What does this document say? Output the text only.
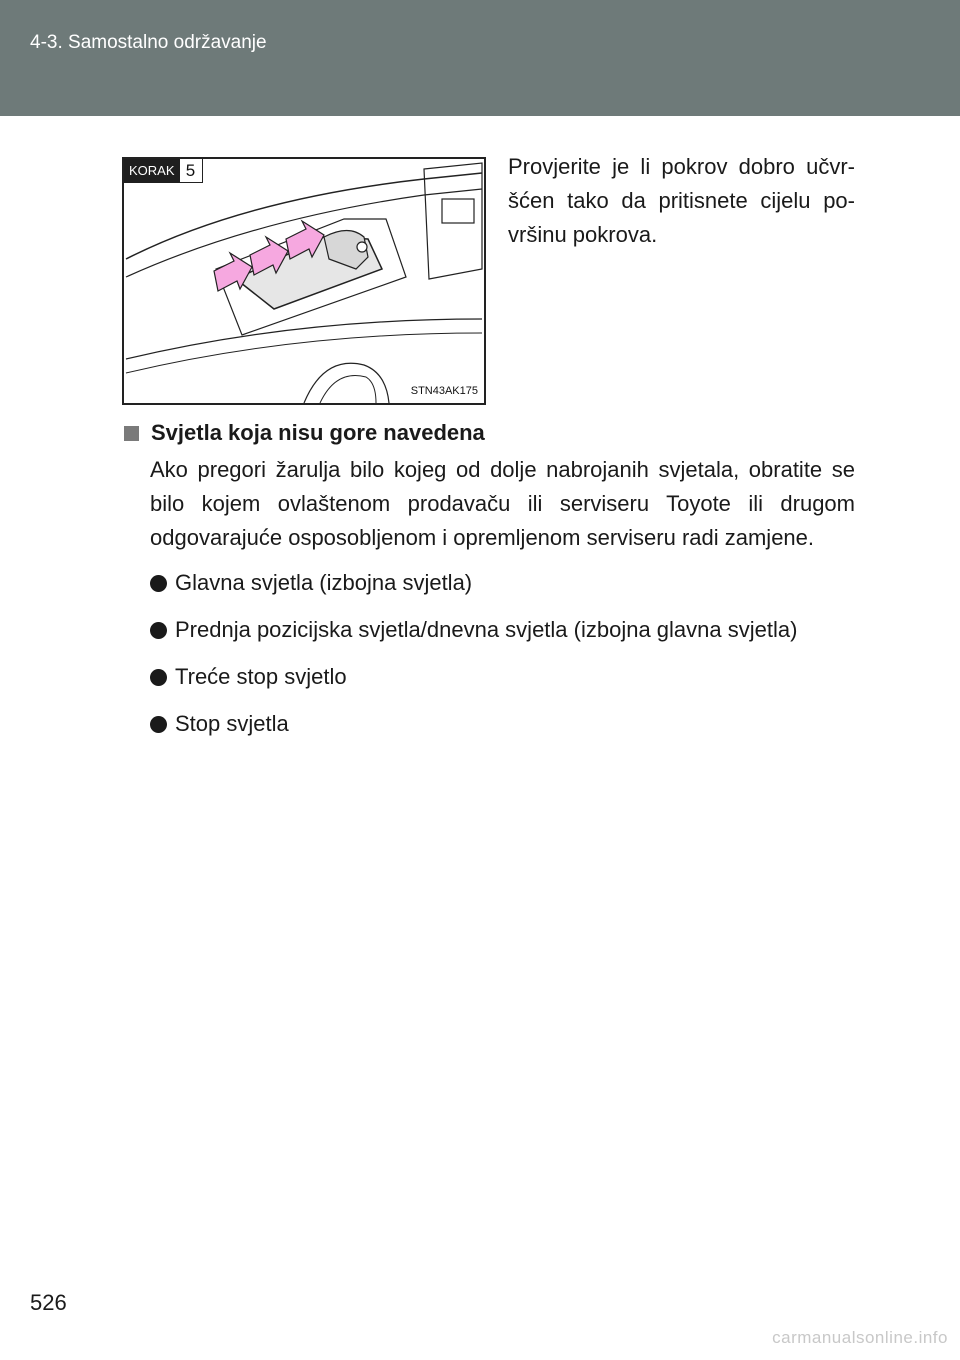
4-3. Samostalno održavanje
KORAK 5
STN43AK175
Provjerite je li pokrov dobro učvr- šćen tako da pritisnete cijelu po- vršinu pokrova.
Svjetla koja nisu gore navedena
Ako pregori žarulja bilo kojeg od dolje nabrojanih svjetala, obratite se bilo kojem ovlaštenom prodavaču ili serviseru Toyote ili drugom odgovarajuće osposobljenom i opremljenom serviseru radi zamjene.
Glavna svjetla (izbojna svjetla)
Prednja pozicijska svjetla/dnevna svjetla (izbojna glavna svjetla)
Treće stop svjetlo
Stop svjetla
526
carmanualsonline.info
